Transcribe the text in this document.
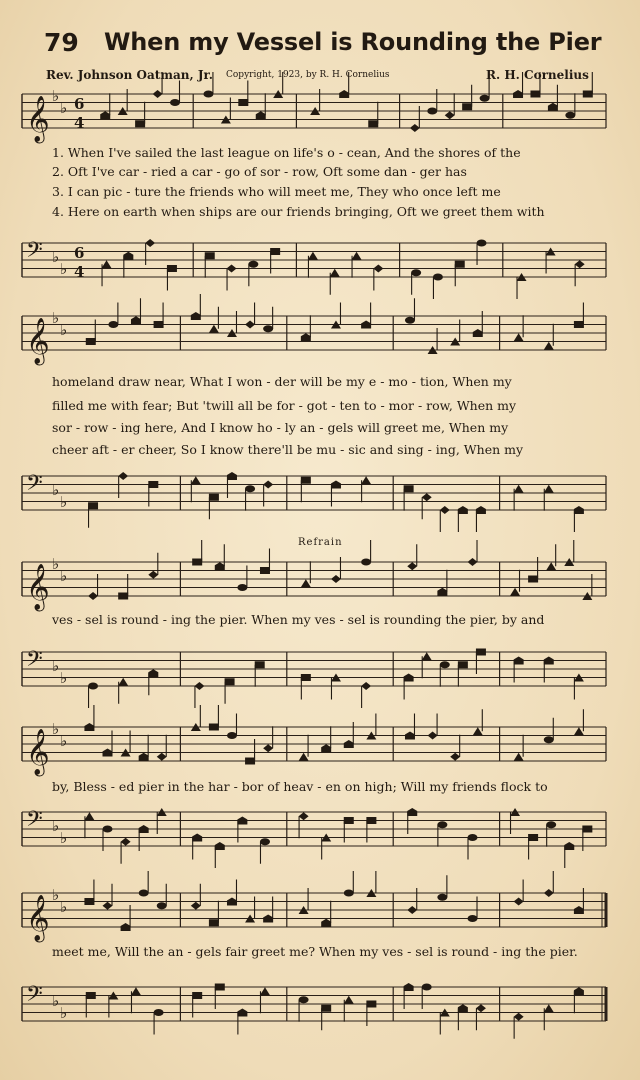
79 When my Vessel is Rounding the Pier
Rev. Johnson Oatman, Jr. Copyright, 1923, by R. H. Cornelius	R. H. Cornelius
𝄞 ♭
♭ 6
4
𝄢 ♭
♭
6
4
1. When I've sailed the last league on life's o - cean, And the shores of the
2. Oft I've car - ried a car - go of sor - row, Oft some dan - ger has
3. I can pic - ture the friends who will meet me, They who once left me
4. Here on earth when ships are our friends bringing, Oft we greet them with
𝄞 ♭
♭
𝄢 ♭
♭
homeland draw near, What I won - der will be my e - mo - tion, When my
filled me with fear; But 'twill all be for - got - ten to - mor - row, When my
sor - row - ing here, And I know ho - ly an - gels will greet me, When my
cheer aft - er cheer, So I know there'll be mu - sic and sing - ing, When my
Refrain
𝄞 ♭
♭
𝄢 ♭
♭
ves - sel is round - ing the pier. When my ves - sel is rounding the pier, by and
𝄞 ♭
♭
𝄢 ♭
♭
by, Bless - ed pier in the har - bor of heav - en on high; Will my friends flock to
𝄞 ♭
♭
𝄢 ♭
♭
meet me, Will the an - gels fair greet me? When my ves - sel is round - ing the pier.
